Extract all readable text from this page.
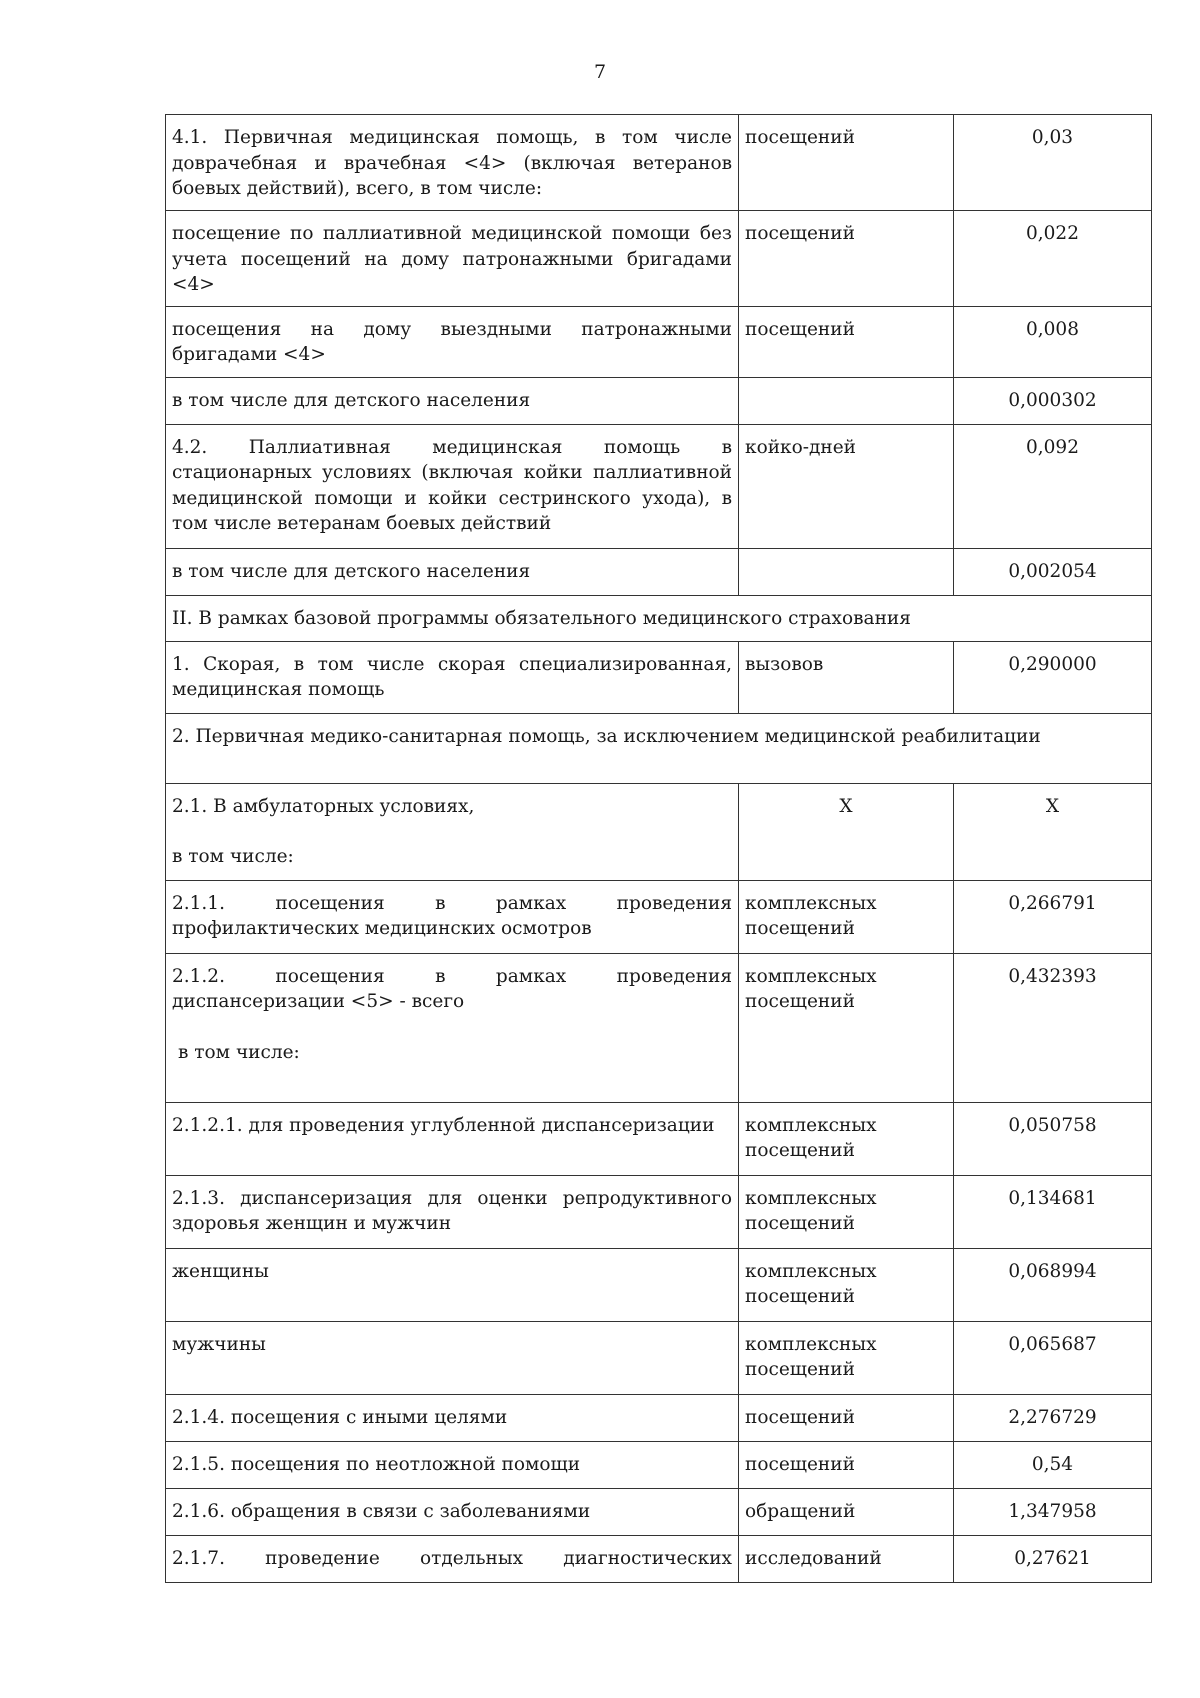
7
4.1. Первичная медицинская помощь, в том числе доврачебная и врачебная <4> (включая ветеранов боевых действий), всего, в том числе:	посещений	0,03
посещение по паллиативной медицинской помощи без учета посещений на дому патронажными бригадами <4>	посещений	0,022
посещения на дому выездными патронажными бригадами <4>	посещений	0,008
в том числе для детского населения		0,000302
4.2. Паллиативная медицинская помощь в стационарных условиях (включая койки паллиативной медицинской помощи и койки сестринского ухода), в том числе ветеранам боевых действий	койко-дней	0,092
в том числе для детского населения		0,002054
II. В рамках базовой программы обязательного медицинского страхования		
1. Скорая, в том числе скорая специализированная, медицинская помощь	вызовов	0,290000
2. Первичная медико-санитарная помощь, за исключением медицинской реабилитации		

2.1. В амбулаторных условиях,
в том числе:	X	X
2.1.1. посещения в рамках проведения профилактических медицинских осмотров	комплексных посещений	0,266791

2.1.2. посещения в рамках проведения диспансеризации <5> - всего
в том числе:	комплексных посещений	0,432393
2.1.2.1. для проведения углубленной диспансеризации	комплексных посещений	0,050758
2.1.3. диспансеризация для оценки репродуктивного здоровья женщин и мужчин	комплексных посещений	0,134681
женщины	комплексных посещений	0,068994
мужчины	комплексных посещений	0,065687
2.1.4. посещения с иными целями	посещений	2,276729
2.1.5. посещения по неотложной помощи	посещений	0,54
2.1.6. обращения в связи с заболеваниями	обращений	1,347958

2.1.7. проведение отдельных диагностических	исследований	0,27621
